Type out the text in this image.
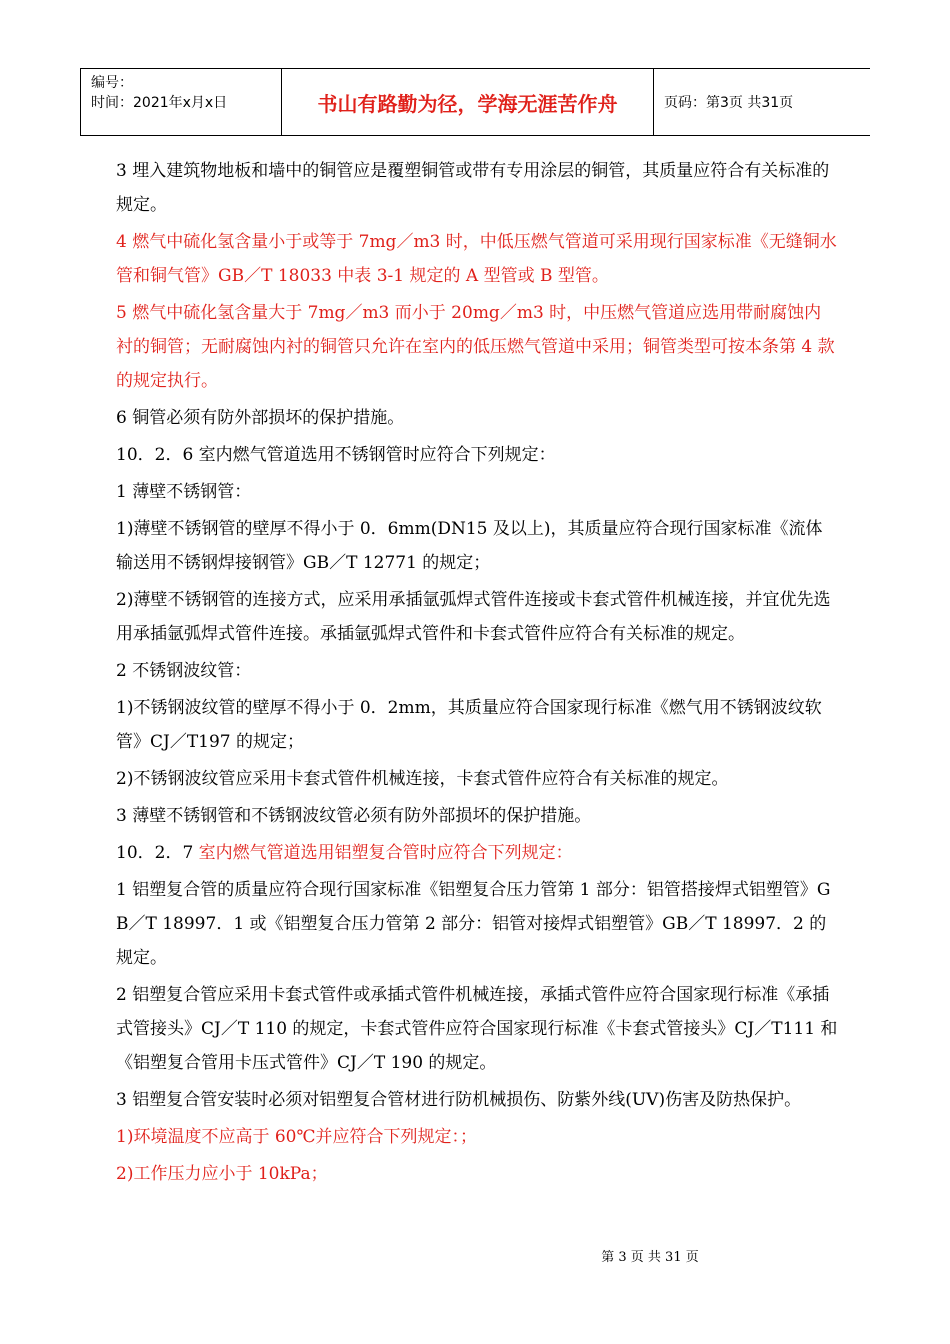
编号：
时间：2021年x月x日	书山有路勤为径，学海无涯苦作舟	页码：第3页 共31页

3 埋入建筑物地板和墙中的铜管应是覆塑铜管或带有专用涂层的铜管，其质量应符合有关标准的规定。

4 燃气中硫化氢含量小于或等于 7mg／m3 时，中低压燃气管道可采用现行国家标准《无缝铜水管和铜气管》GB／T 18033 中表 3-1 规定的 A 型管或 B 型管。

5 燃气中硫化氢含量大于 7mg／m3 而小于 20mg／m3 时，中压燃气管道应选用带耐腐蚀内衬的铜管；无耐腐蚀内衬的铜管只允许在室内的低压燃气管道中采用；铜管类型可按本条第 4 款的规定执行。

6 铜管必须有防外部损坏的保护措施。

10．2．6 室内燃气管道选用不锈钢管时应符合下列规定：

1 薄壁不锈钢管：

1)薄壁不锈钢管的壁厚不得小于 0．6mm(DN15 及以上)，其质量应符合现行国家标准《流体输送用不锈钢焊接钢管》GB／T 12771 的规定；

2)薄壁不锈钢管的连接方式，应采用承插氩弧焊式管件连接或卡套式管件机械连接，并宜优先选用承插氩弧焊式管件连接。承插氩弧焊式管件和卡套式管件应符合有关标准的规定。

2 不锈钢波纹管：

1)不锈钢波纹管的壁厚不得小于 0．2mm，其质量应符合国家现行标准《燃气用不锈钢波纹软管》CJ／T197 的规定；

2)不锈钢波纹管应采用卡套式管件机械连接，卡套式管件应符合有关标准的规定。

3 薄壁不锈钢管和不锈钢波纹管必须有防外部损坏的保护措施。

10．2．7 室内燃气管道选用铝塑复合管时应符合下列规定：

1 铝塑复合管的质量应符合现行国家标准《铝塑复合压力管第 1 部分：铝管搭接焊式铝塑管》GB／T 18997．1 或《铝塑复合压力管第 2 部分：铝管对接焊式铝塑管》GB／T 18997．2 的规定。

2 铝塑复合管应采用卡套式管件或承插式管件机械连接，承插式管件应符合国家现行标准《承插式管接头》CJ／T 110 的规定，卡套式管件应符合国家现行标准《卡套式管接头》CJ／T111 和《铝塑复合管用卡压式管件》CJ／T 190 的规定。

3 铝塑复合管安装时必须对铝塑复合管材进行防机械损伤、防紫外线(UV)伤害及防热保护。

1)环境温度不应高于 60℃并应符合下列规定：；

2)工作压力应小于 10kPa；

第 3 页 共 31 页
